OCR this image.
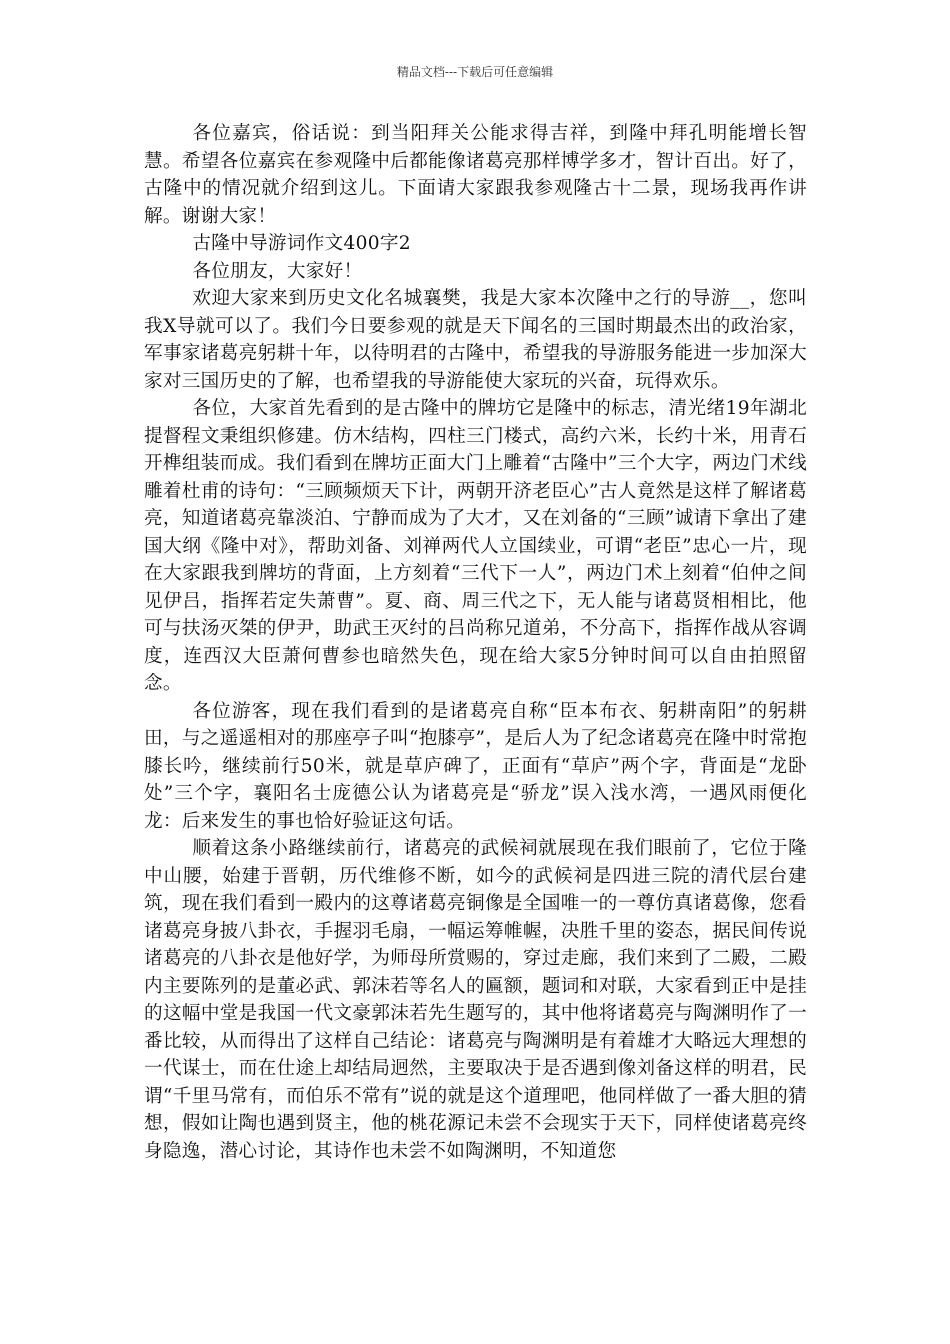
精品文档---下载后可任意编辑

各位嘉宾，俗话说：到当阳拜关公能求得吉祥，到隆中拜孔明能增长智慧。希望各位嘉宾在参观隆中后都能像诸葛亮那样博学多才，智计百出。好了，古隆中的情况就介绍到这儿。下面请大家跟我参观隆古十二景，现场我再作讲解。谢谢大家！

古隆中导游词作文400字2

各位朋友，大家好！

欢迎大家来到历史文化名城襄樊，我是大家本次隆中之行的导游__，您叫我X导就可以了。我们今日要参观的就是天下闻名的三国时期最杰出的政治家，军事家诸葛亮躬耕十年，以待明君的古隆中，希望我的导游服务能进一步加深大家对三国历史的了解，也希望我的导游能使大家玩的兴奋，玩得欢乐。

各位，大家首先看到的是古隆中的牌坊它是隆中的标志，清光绪19年湖北提督程文秉组织修建。仿木结构，四柱三门楼式，高约六米，长约十米，用青石开榫组装而成。我们看到在牌坊正面大门上雕着“古隆中”三个大字，两边门术线雕着杜甫的诗句：“三顾频烦天下计，两朝开济老臣心”古人竟然是这样了解诸葛亮，知道诸葛亮靠淡泊、宁静而成为了大才，又在刘备的“三顾”诚请下拿出了建国大纲《隆中对》，帮助刘备、刘禅两代人立国续业，可谓“老臣”忠心一片，现在大家跟我到牌坊的背面，上方刻着“三代下一人”，两边门术上刻着“伯仲之间见伊吕，指挥若定失萧曹”。夏、商、周三代之下，无人能与诸葛贤相相比，他可与扶汤灭桀的伊尹，助武王灭纣的吕尚称兄道弟，不分高下，指挥作战从容调度，连西汉大臣萧何曹参也暗然失色，现在给大家5分钟时间可以自由拍照留念。

各位游客，现在我们看到的是诸葛亮自称“臣本布衣、躬耕南阳”的躬耕田，与之遥遥相对的那座亭子叫“抱膝亭”，是后人为了纪念诸葛亮在隆中时常抱膝长吟，继续前行50米，就是草庐碑了，正面有“草庐”两个字，背面是“龙卧处”三个字，襄阳名士庞德公认为诸葛亮是“骄龙”误入浅水湾，一遇风雨便化龙：后来发生的事也恰好验证这句话。

顺着这条小路继续前行，诸葛亮的武候祠就展现在我们眼前了，它位于隆中山腰，始建于晋朝，历代维修不断，如今的武候祠是四进三院的清代层台建筑，现在我们看到一殿内的这尊诸葛亮铜像是全国唯一的一尊仿真诸葛像，您看诸葛亮身披八卦衣，手握羽毛扇，一幅运筹帷幄，决胜千里的姿态，据民间传说诸葛亮的八卦衣是他好学，为师母所赏赐的，穿过走廊，我们来到了二殿，二殿内主要陈列的是董必武、郭沫若等名人的匾额，题词和对联，大家看到正中是挂的这幅中堂是我国一代文豪郭沫若先生题写的，其中他将诸葛亮与陶渊明作了一番比较，从而得出了这样自己结论：诸葛亮与陶渊明是有着雄才大略远大理想的一代谋士，而在仕途上却结局迥然，主要取决于是否遇到像刘备这样的明君，民谓“千里马常有，而伯乐不常有”说的就是这个道理吧，他同样做了一番大胆的猜想，假如让陶也遇到贤主，他的桃花源记未尝不会现实于天下，同样使诸葛亮终身隐逸，潜心讨论，其诗作也未尝不如陶渊明，不知道您
